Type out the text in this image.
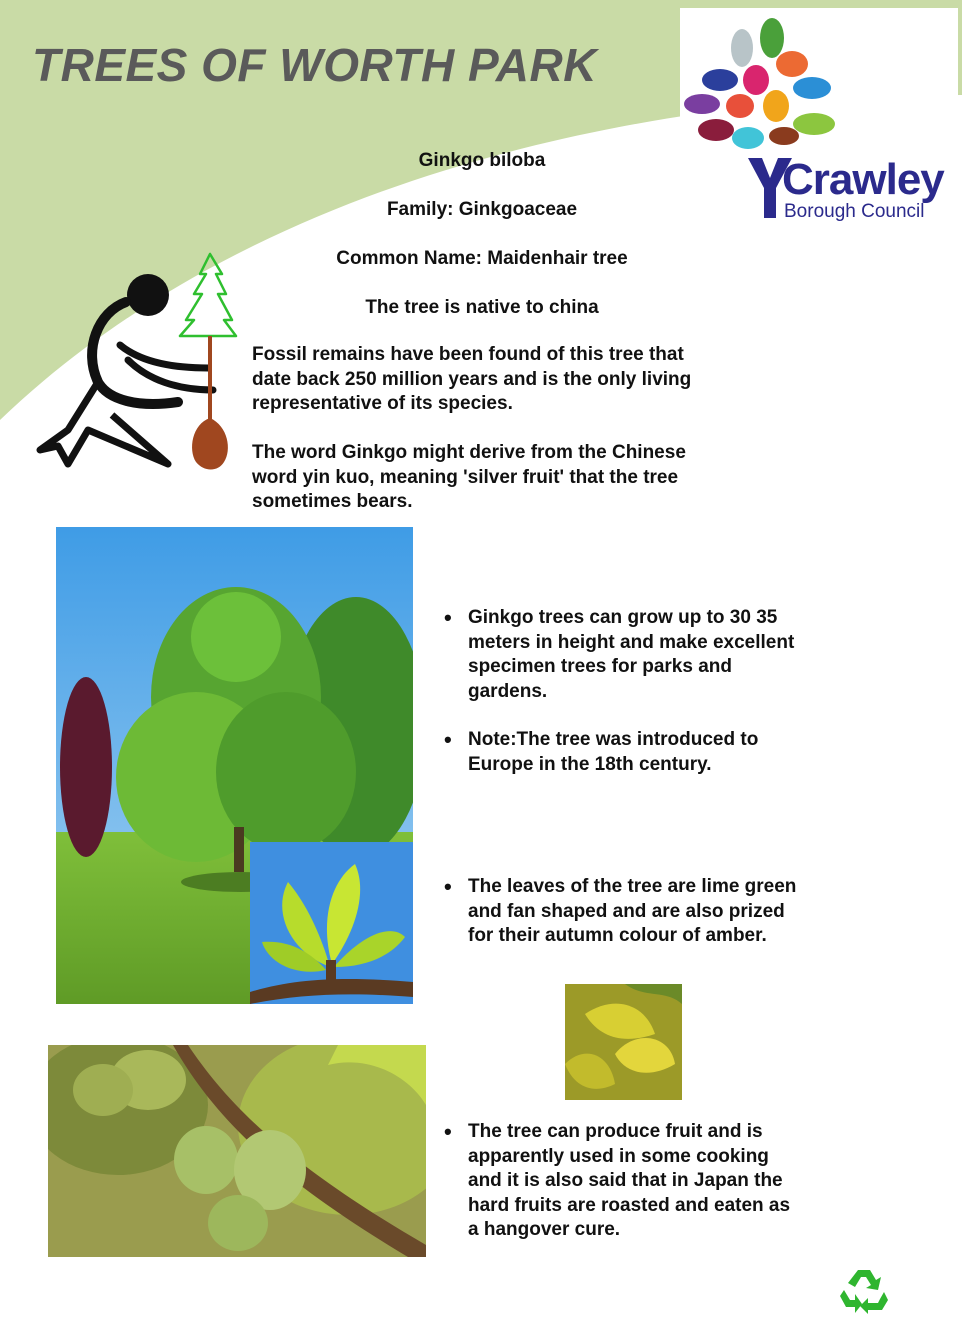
TREES OF WORTH PARK
Crawley
Borough Council
Ginkgo biloba
Family: Ginkgoaceae
Common Name: Maidenhair tree
The tree is native to china
Fossil remains have been found of this tree that date back 250 million years and is the only living representative of its species.
The word Ginkgo might derive from the Chinese word yin kuo, meaning 'silver fruit' that the tree sometimes bears.
• Ginkgo trees can grow up to 30 35 meters in height and make excellent specimen trees for parks and gardens.
• Note:The tree was introduced to Europe in the 18th century.
• The leaves of the tree are lime green and fan shaped and are also prized for their autumn colour of amber.
• The tree can produce fruit and is apparently used in some cooking and it is also said that in Japan the hard fruits are roasted and eaten as a hangover cure.
